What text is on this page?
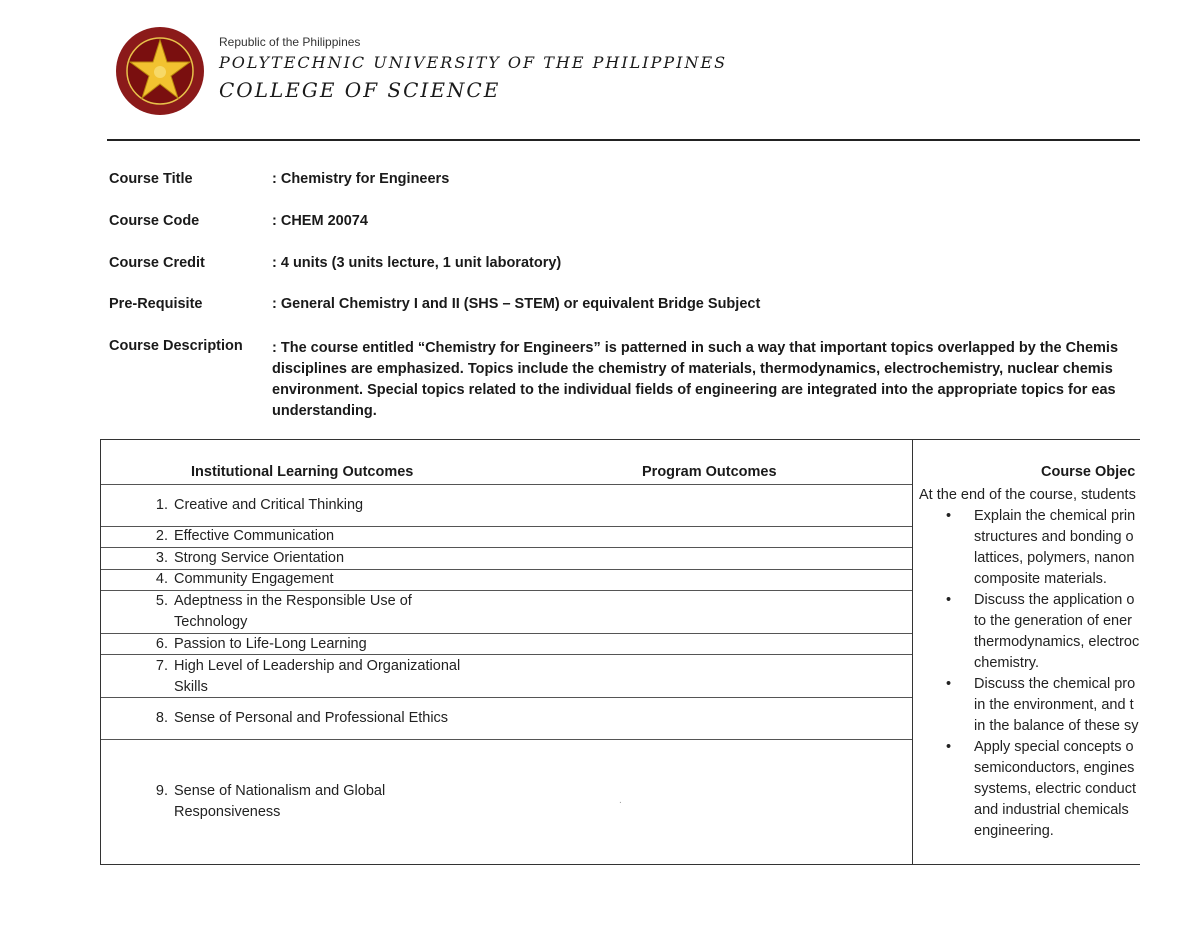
Republic of the Philippines
POLYTECHNIC UNIVERSITY OF THE PHILIPPINES
COLLEGE OF SCIENCE
Course Title	: Chemistry for Engineers
Course Code	: CHEM 20074
Course Credit	: 4 units (3 units lecture, 1 unit laboratory)
Pre-Requisite	: General Chemistry I and II (SHS – STEM) or equivalent Bridge Subject
Course Description : The course entitled “Chemistry for Engineers” is patterned in such a way that important topics overlapped by the Chemis
disciplines are emphasized. Topics include the chemistry of materials, thermodynamics, electrochemistry, nuclear chemis
environment. Special topics related to the individual fields of engineering are integrated into the appropriate topics for eas
understanding.
Institutional Learning Outcomes	Program Outcomes	Course Objec
1. Creative and Critical Thinking
2. Effective Communication
3. Strong Service Orientation
4. Community Engagement
5. Adeptness in the Responsible Use of
Technology
6. Passion to Life-Long Learning
7. High Level of Leadership and Organizational
Skills
8. Sense of Personal and Professional Ethics
9. Sense of Nationalism and Global
Responsiveness
.
At the end of the course, students
• Explain the chemical prin
structures and bonding o
lattices, polymers, nanon
composite materials.
• Discuss the application o
to the generation of ener
thermodynamics, electroc
chemistry.
• Discuss the chemical pro
in the environment, and t
in the balance of these sy
• Apply special concepts o
semiconductors, engines
systems, electric conduct
and industrial chemicals
engineering.
